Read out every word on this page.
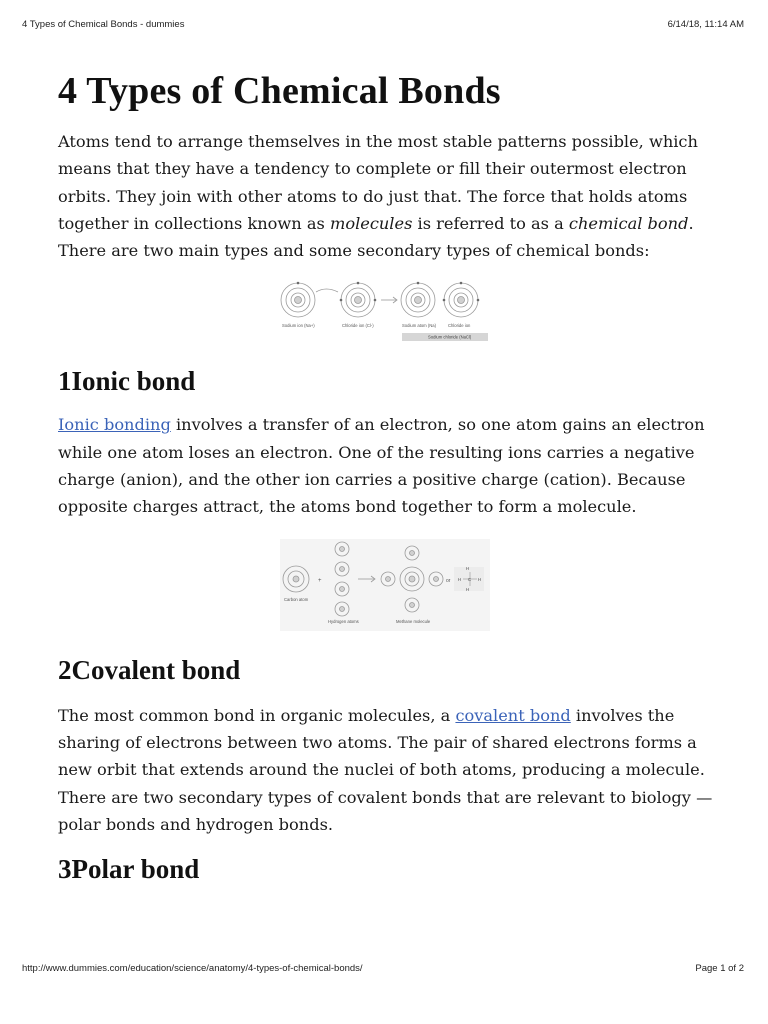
4 Types of Chemical Bonds - dummies	6/14/18, 11:14 AM
4 Types of Chemical Bonds

Atoms tend to arrange themselves in the most stable patterns possible, which means that they have a tendency to complete or fill their outermost electron orbits. They join with other atoms to do just that. The force that holds atoms together in collections known as molecules is referred to as a chemical bond. There are two main types and some secondary types of chemical bonds:

Sodium ion (Na+)	Chloride ion (Cl-)	Sodium atom (Na)	Chloride ion
Sodium chloride (NaCl)
1Ionic bond

Ionic bonding involves a transfer of an electron, so one atom gains an electron while one atom loses an electron. One of the resulting ions carries a negative charge (anion), and the other ion carries a positive charge (cation). Because opposite charges attract, the atoms bond together to form a molecule.

H
H
H	H
C
+	or
Carbon atom
Hydrogen atoms	Methane molecule
2Covalent bond

The most common bond in organic molecules, a covalent bond involves the sharing of electrons between two atoms. The pair of shared electrons forms a new orbit that extends around the nuclei of both atoms, producing a molecule. There are two secondary types of covalent bonds that are relevant to biology — polar bonds and hydrogen bonds.

3Polar bond
http://www.dummies.com/education/science/anatomy/4-types-of-chemical-bonds/	Page 1 of 2
